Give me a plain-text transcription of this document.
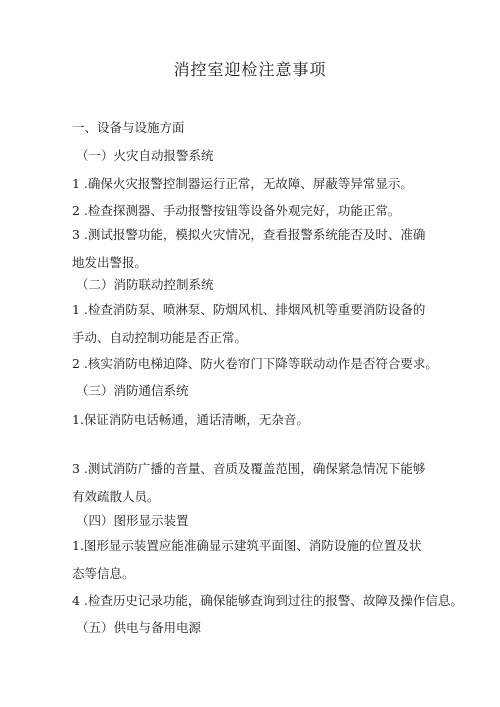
消控室迎检注意事项
一、设备与设施方面
（一）火灾自动报警系统
1 .确保火灾报警控制器运行正常，无故障、屏蔽等异常显示。
2 .检查探测器、手动报警按钮等设备外观完好，功能正常。
3 .测试报警功能，模拟火灾情况，查看报警系统能否及时、准确地发出警报。
（二）消防联动控制系统
1 .检查消防泵、喷淋泵、防烟风机、排烟风机等重要消防设备的手动、自动控制功能是否正常。
2 .核实消防电梯迫降、防火卷帘门下降等联动动作是否符合要求。
（三）消防通信系统
1.保证消防电话畅通，通话清晰，无杂音。
3 .测试消防广播的音量、音质及覆盖范围，确保紧急情况下能够有效疏散人员。
（四）图形显示装置
1.图形显示装置应能准确显示建筑平面图、消防设施的位置及状态等信息。
4 .检查历史记录功能，确保能够查询到过往的报警、故障及操作信息。
（五）供电与备用电源
